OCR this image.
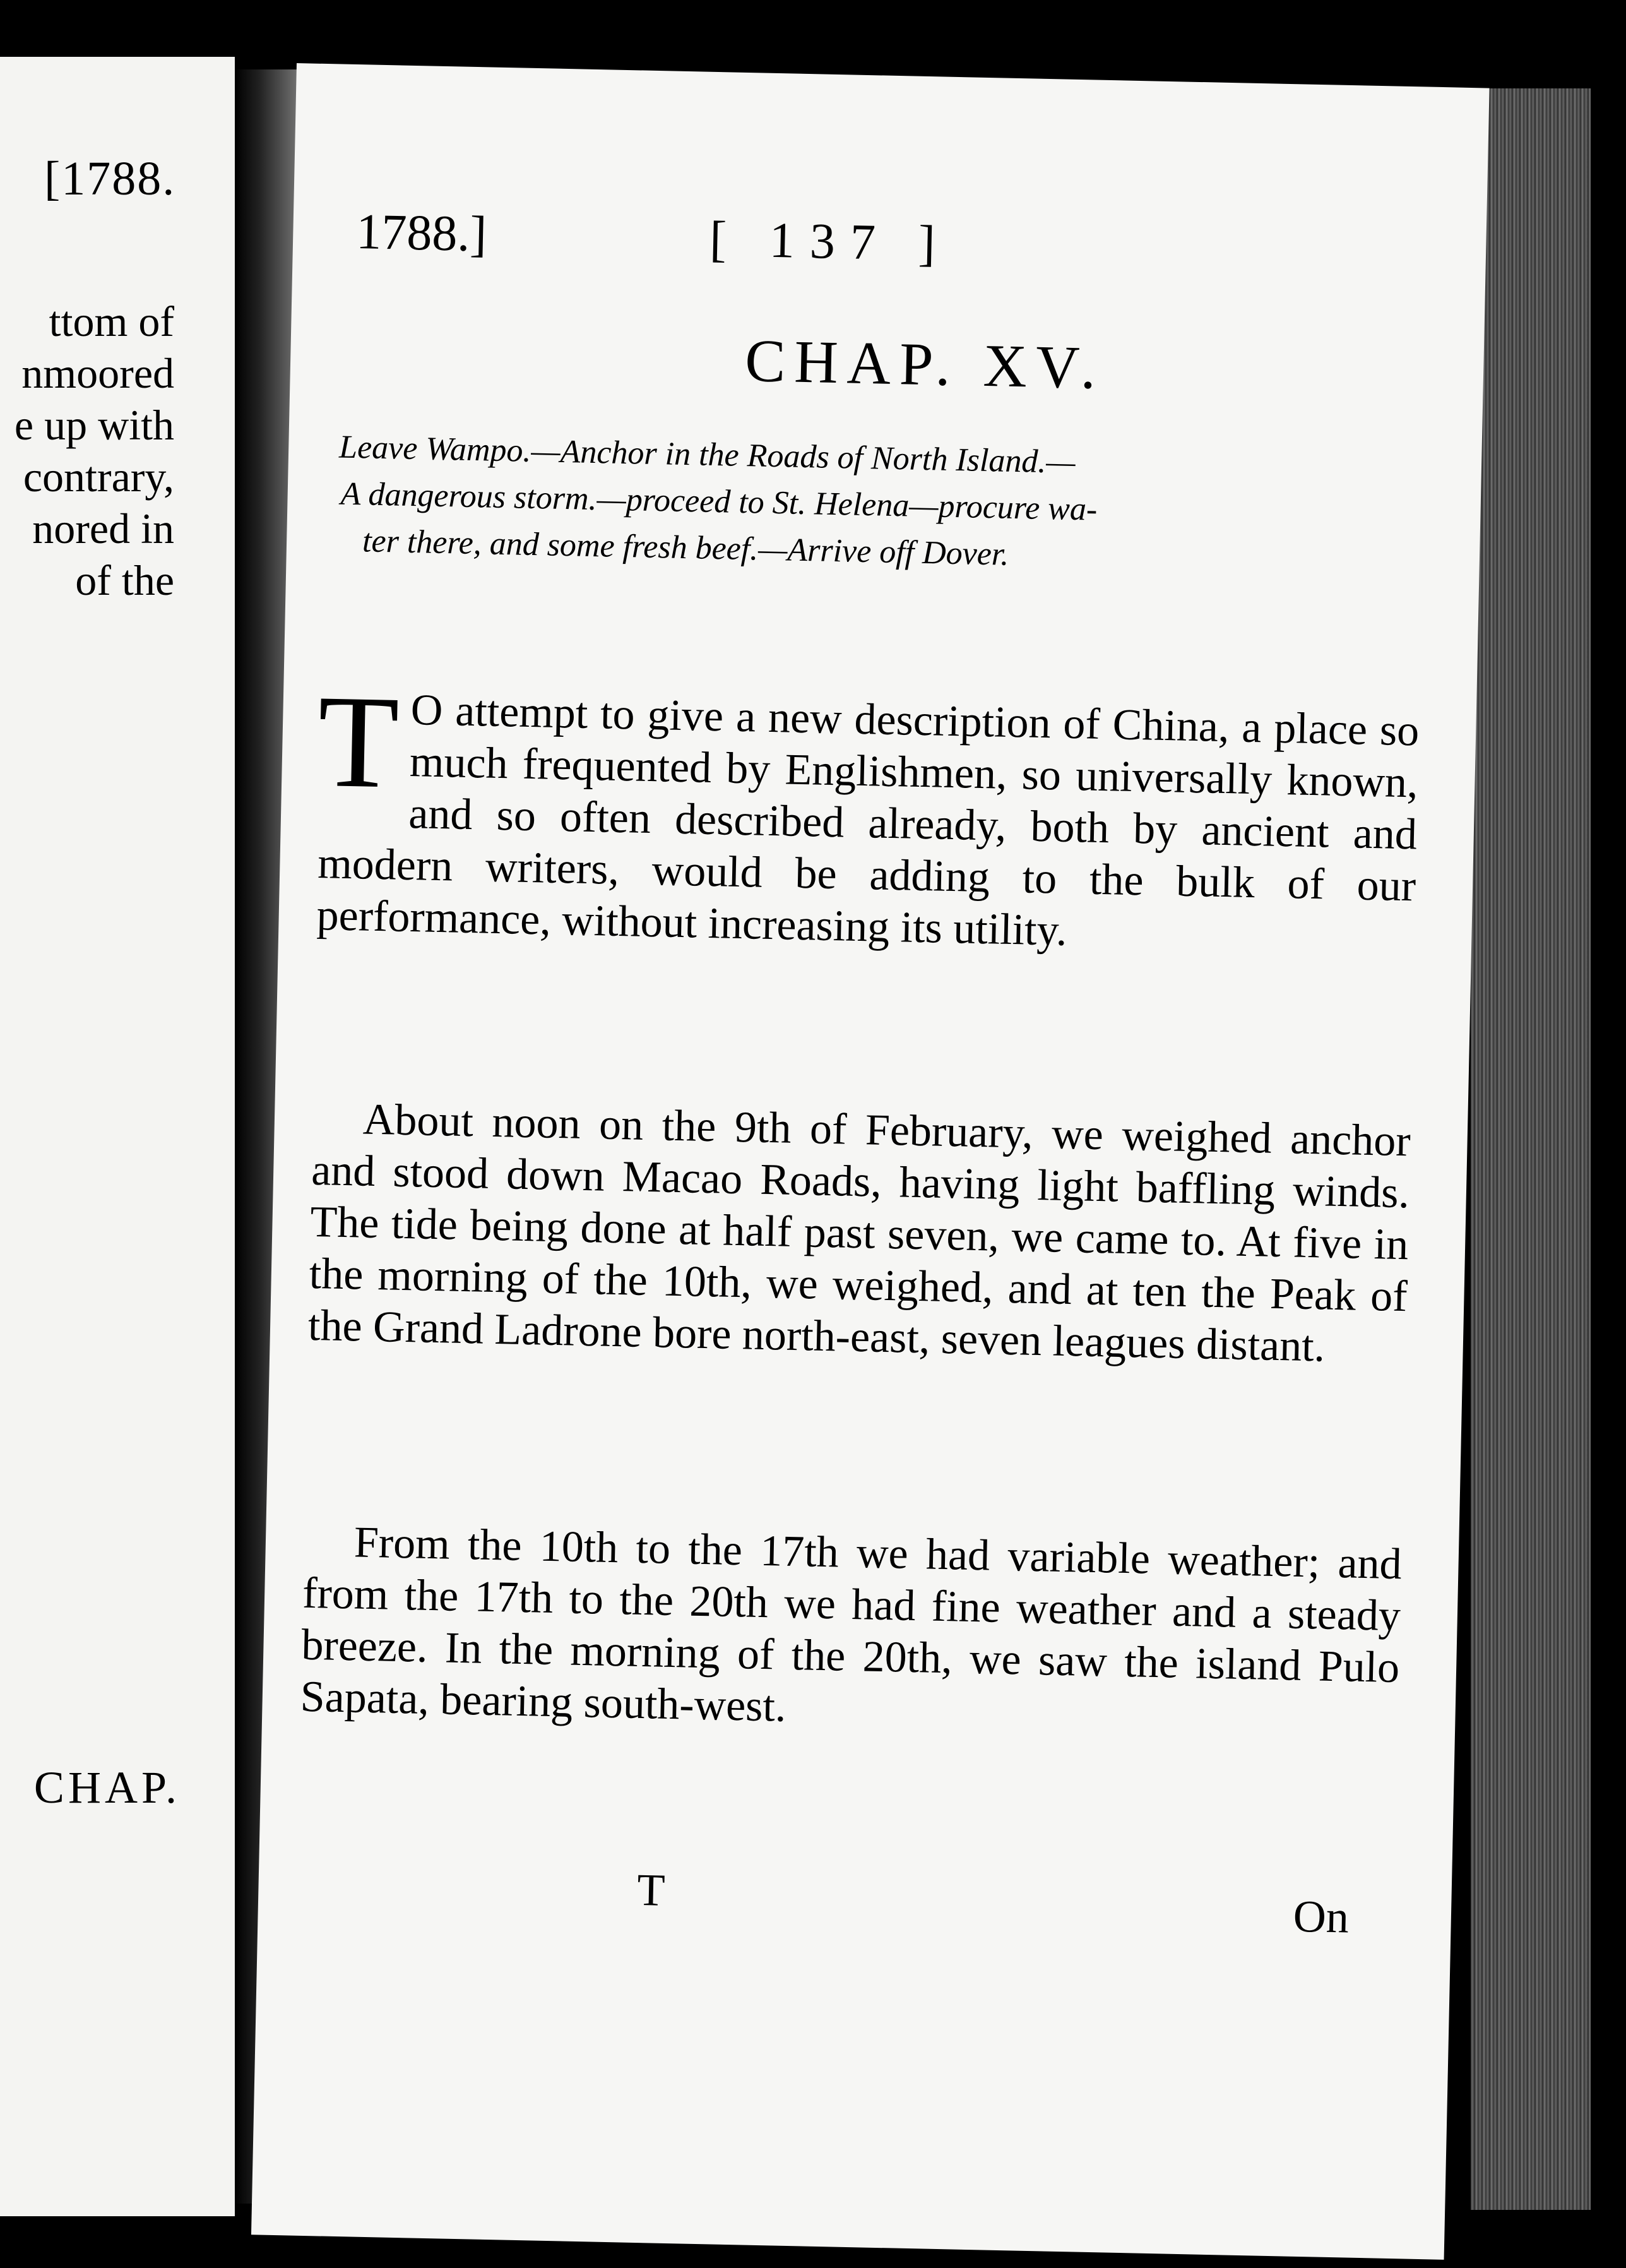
[1788.
ttom of
nmoored
e up with
contrary,
nored in
of the
CHAP.
1788.]	[ 137 ]
CHAP. XV.
Leave Wampo.—Anchor in the Roads of North Island.—
A dangerous storm.—proceed to St. Helena—procure wa-
ter there, and some fresh beef.—Arrive off Dover.
T O attempt to give a new description of China, a place so much frequented by Englishmen, so universally known, and so often described already, both by ancient and modern writers, would be adding to the bulk of our performance, without increasing its utility.
About noon on the 9th of February, we weighed anchor and stood down Macao Roads, having light baffling winds. The tide being done at half past seven, we came to. At five in the morning of the 10th, we weighed, and at ten the Peak of the Grand Ladrone bore north-east, seven leagues distant.
From the 10th to the 17th we had variable weather; and from the 17th to the 20th we had fine weather and a steady breeze. In the morning of the 20th, we saw the island Pulo Sapata, bearing south-west.
T
On
